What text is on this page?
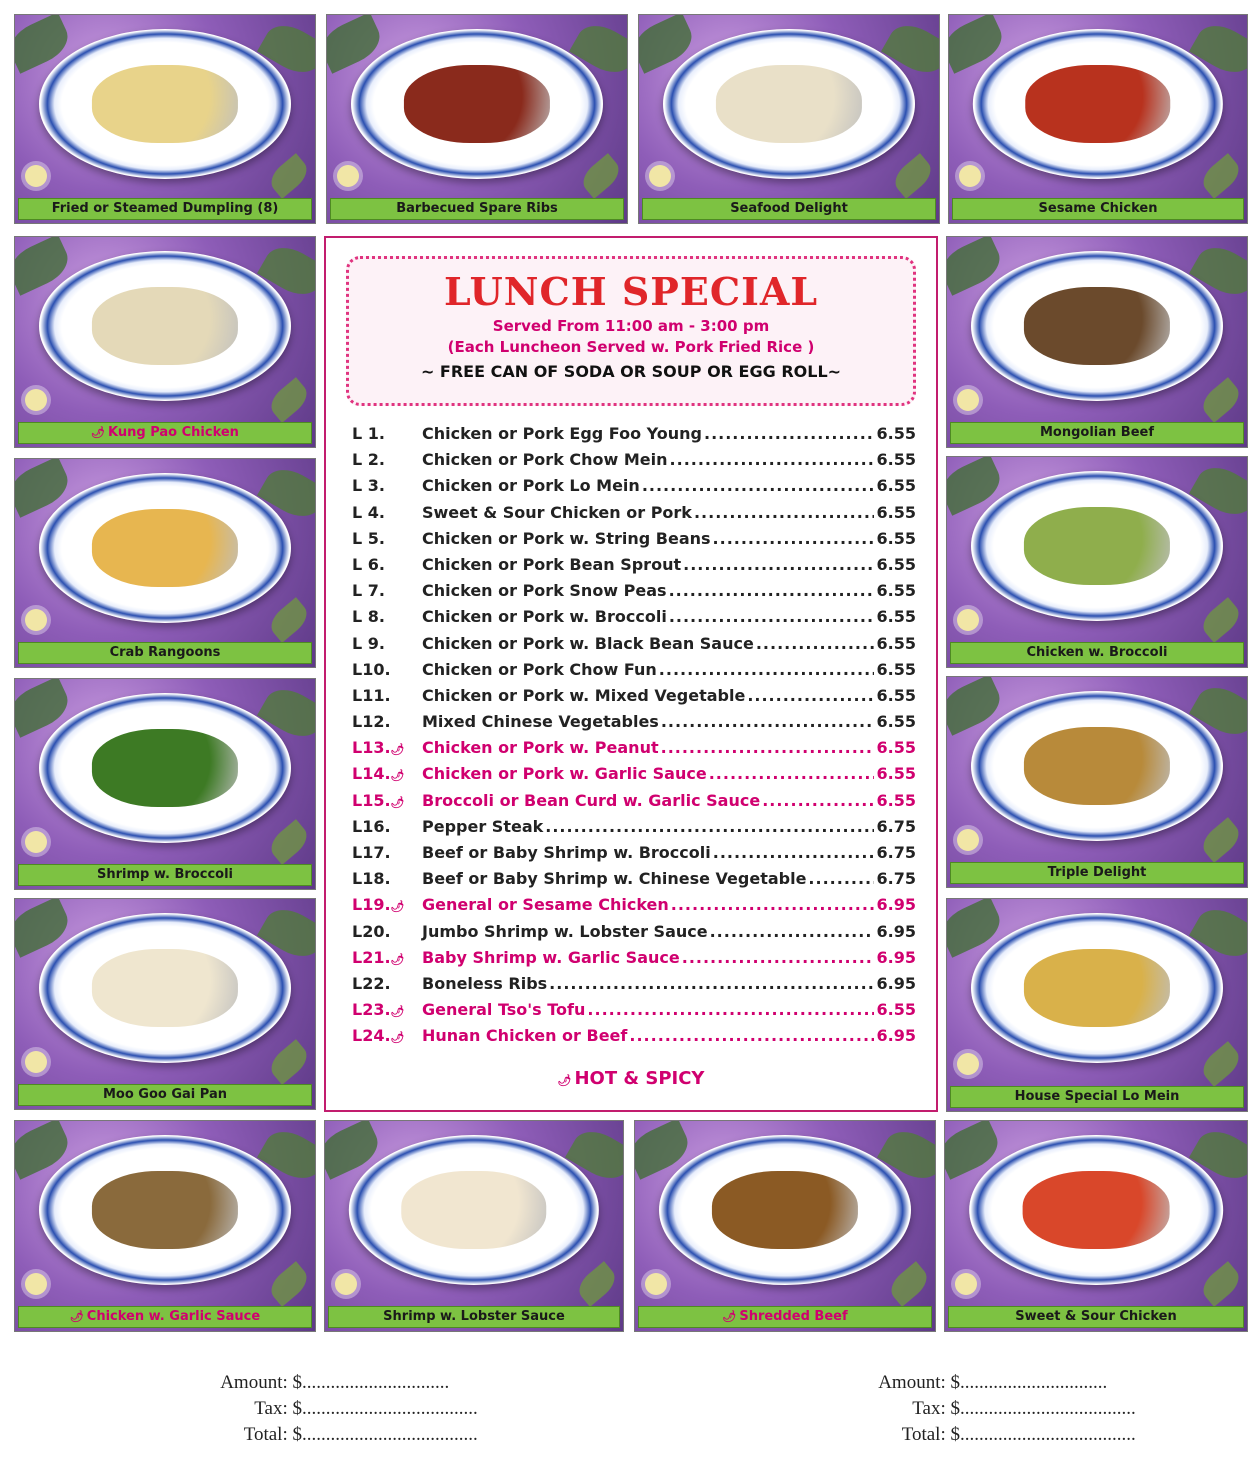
Fried or Steamed Dumpling (8)	Barbecued Spare Ribs	Seafood Delight	Sesame Chicken
🌶 Kung Pao Chicken	Mongolian Beef
Crab Rangoons	Chicken w. Broccoli
Shrimp w. Broccoli	Triple Delight
Moo Goo Gai Pan	House Special Lo Mein
🌶 Chicken w. Garlic Sauce	Shrimp w. Lobster Sauce	🌶 Shredded Beef	Sweet & Sour Chicken
LUNCH SPECIAL
Served From 11:00 am - 3:00 pm
(Each Luncheon Served w. Pork Fried Rice )
~ FREE CAN OF SODA OR SOUP OR EGG ROLL~
L 1.	Chicken or Pork Egg Foo Young .....	6.55
L 2.	Chicken or Pork Chow Mein .....	6.55
L 3.	Chicken or Pork Lo Mein .....	6.55
L 4.	Sweet & Sour Chicken or Pork .....	6.55
L 5.	Chicken or Pork w. String Beans .....	6.55
L 6.	Chicken or Pork Bean Sprout .....	6.55
L 7.	Chicken or Pork Snow Peas .....	6.55
L 8.	Chicken or Pork w. Broccoli .....	6.55
L 9.	Chicken or Pork w. Black Bean Sauce .....	6.55
L10.	Chicken or Pork Chow Fun .....	6.55
L11.	Chicken or Pork w. Mixed Vegetable .....	6.55
L12.	Mixed Chinese Vegetables .....	6.55
L13.🌶	Chicken or Pork w. Peanut .....	6.55
L14.🌶	Chicken or Pork w. Garlic Sauce .....	6.55
L15.🌶	Broccoli or Bean Curd w. Garlic Sauce .....	6.55
L16.	Pepper Steak .....	6.75
L17.	Beef or Baby Shrimp w. Broccoli .....	6.75
L18.	Beef or Baby Shrimp w. Chinese Vegetable .....	6.75
L19.🌶	General or Sesame Chicken .....	6.95
L20.	Jumbo Shrimp w. Lobster Sauce .....	6.95
L21.🌶	Baby Shrimp w. Garlic Sauce .....	6.95
L22.	Boneless Ribs .....	6.95
L23.🌶	General Tso's Tofu .....	6.55
L24.🌶	Hunan Chicken or Beef .....	6.95
🌶 HOT & SPICY
Amount: $...............................
Tax: $.....................................
Total: $.....................................
Amount: $...............................
Tax: $.....................................
Total: $.....................................
